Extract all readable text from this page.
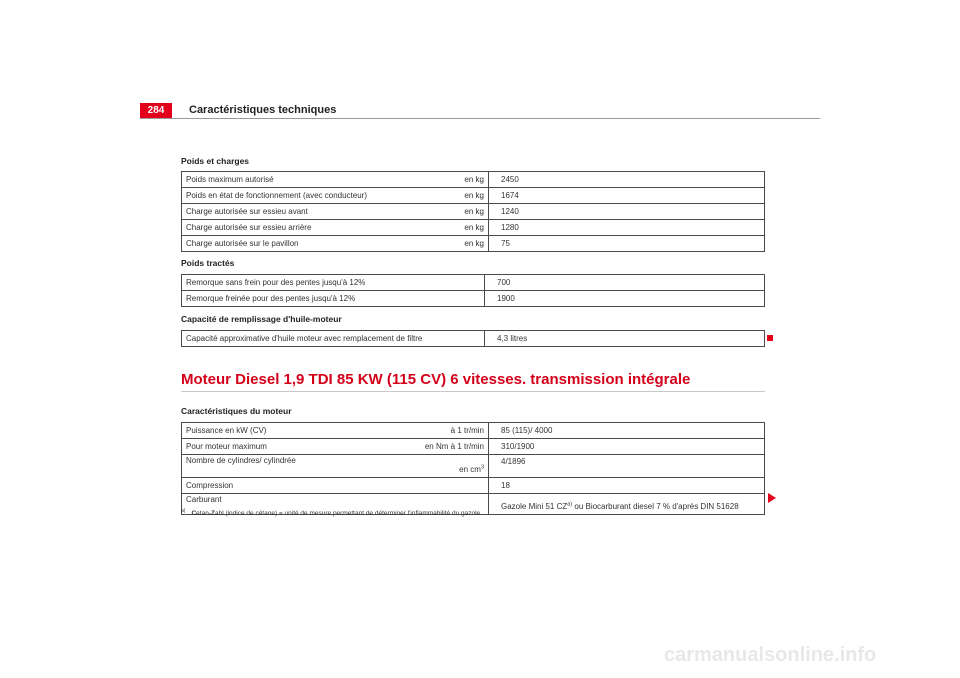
284	Caractéristiques techniques
Poids et charges
Poids maximum autorisé	en kg	2450
Poids en état de fonctionnement (avec conducteur)	en kg	1674
Charge autorisée sur essieu avant	en kg	1240
Charge autorisée sur essieu arrière	en kg	1280
Charge autorisée sur le pavillon	en kg	75
Poids tractés
Remorque sans frein pour des pentes jusqu'à 12%	700
Remorque freinée pour des pentes jusqu'à 12%	1900
Capacité de remplissage d'huile-moteur
Capacité approximative d'huile moteur avec remplacement de filtre	4,3 litres
Moteur Diesel 1,9 TDI 85 KW (115 CV) 6 vitesses. transmission intégrale
Caractéristiques du moteur
Puissance en kW (CV)	à 1 tr/min	85 (115)/ 4000
Pour moteur maximum	en Nm à 1 tr/min	310/1900
Nombre de cylindres/ cylindrée	en $cm^3$	4/1896
Compression		18
Carburant		Gazole Mini 51 CZ$^{a)}$ ou Biocarburant diesel 7 % d'après DIN 51628
$^{a)}$ Cetan-Zahl (indice de cétane) = unité de mesure permettant de déterminer l'inflammabilité du gazole.
carmanualsonline.info
